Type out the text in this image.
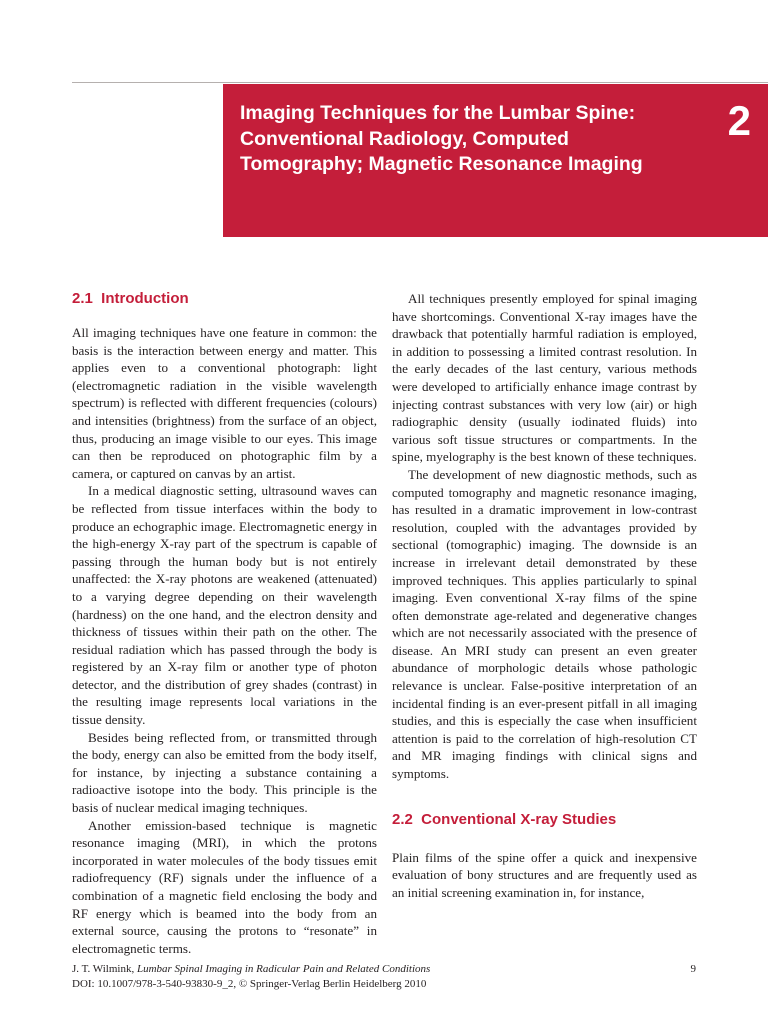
Imaging Techniques for the Lumbar Spine: Conventional Radiology, Computed Tomography; Magnetic Resonance Imaging
2
2.1  Introduction

All imaging techniques have one feature in common: the basis is the interaction between energy and matter. This applies even to a conventional photograph: light (electromagnetic radiation in the visible wavelength spectrum) is reflected with different frequencies (colours) and intensities (brightness) from the surface of an object, thus, producing an image visible to our eyes. This image can then be reproduced on photographic film by a camera, or captured on canvas by an artist.

In a medical diagnostic setting, ultrasound waves can be reflected from tissue interfaces within the body to produce an echographic image. Electromagnetic energy in the high-energy X-ray part of the spectrum is capable of passing through the human body but is not entirely unaffected: the X-ray photons are weakened (attenuated) to a varying degree depending on their wavelength (hardness) on the one hand, and the electron density and thickness of tissues within their path on the other. The residual radiation which has passed through the body is registered by an X-ray film or another type of photon detector, and the distribution of grey shades (contrast) in the resulting image represents local variations in the tissue density.

Besides being reflected from, or transmitted through the body, energy can also be emitted from the body itself, for instance, by injecting a substance containing a radioactive isotope into the body. This principle is the basis of nuclear medical imaging techniques.

Another emission-based technique is magnetic resonance imaging (MRI), in which the protons incorporated in water molecules of the body tissues emit radiofrequency (RF) signals under the influence of a combination of a magnetic field enclosing the body and RF energy which is beamed into the body from an external source, causing the protons to “resonate” in electromagnetic terms.

All techniques presently employed for spinal imaging have shortcomings. Conventional X-ray images have the drawback that potentially harmful radiation is employed, in addition to possessing a limited contrast resolution. In the early decades of the last century, various methods were developed to artificially enhance image contrast by injecting contrast substances with very low (air) or high radiographic density (usually iodinated fluids) into various soft tissue structures or compartments. In the spine, myelography is the best known of these techniques.

The development of new diagnostic methods, such as computed tomography and magnetic resonance imaging, has resulted in a dramatic improvement in low-contrast resolution, coupled with the advantages provided by sectional (tomographic) imaging. The downside is an increase in irrelevant detail demonstrated by these improved techniques. This applies particularly to spinal imaging. Even conventional X-ray films of the spine often demonstrate age-related and degenerative changes which are not necessarily associated with the presence of disease. An MRI study can present an even greater abundance of morphologic details whose pathologic relevance is unclear. False-positive interpretation of an incidental finding is an ever-present pitfall in all imaging studies, and this is especially the case when insufficient attention is paid to the correlation of high-resolution CT and MR imaging findings with clinical signs and symptoms.

2.2  Conventional X-ray Studies

Plain films of the spine offer a quick and inexpensive evaluation of bony structures and are frequently used as an initial screening examination in, for instance,

J. T. Wilmink, Lumbar Spinal Imaging in Radicular Pain and Related Conditions

DOI: 10.1007/978-3-540-93830-9_2, © Springer-Verlag Berlin Heidelberg 2010

9
